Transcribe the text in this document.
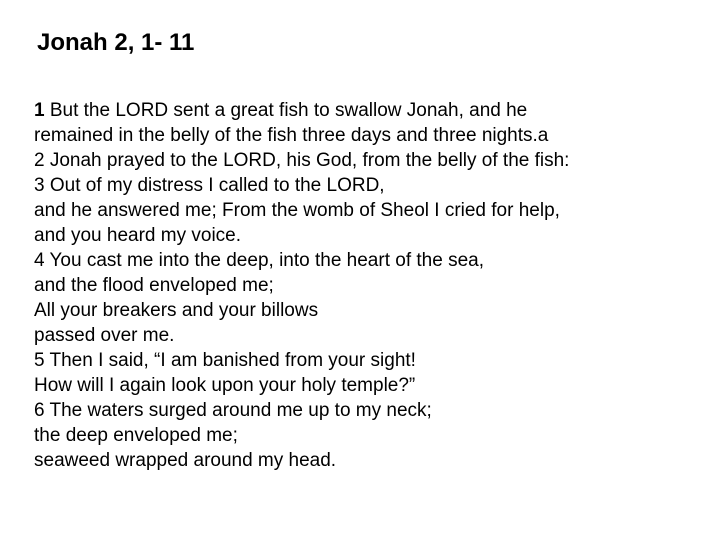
Jonah 2, 1- 11
1 But the LORD sent a great fish to swallow Jonah, and he
remained in the belly of the fish three days and three nights.a
2 Jonah prayed to the LORD, his God, from the belly of the fish:
3 Out of my distress I called to the LORD,
and he answered me; From the womb of Sheol I cried for help,
and you heard my voice.
4 You cast me into the deep, into the heart of the sea,
and the flood enveloped me;
All your breakers and your billows
passed over me.
5 Then I said, “I am banished from your sight!
How will I again look upon your holy temple?”
6 The waters surged around me up to my neck;
the deep enveloped me;
seaweed wrapped around my head.
